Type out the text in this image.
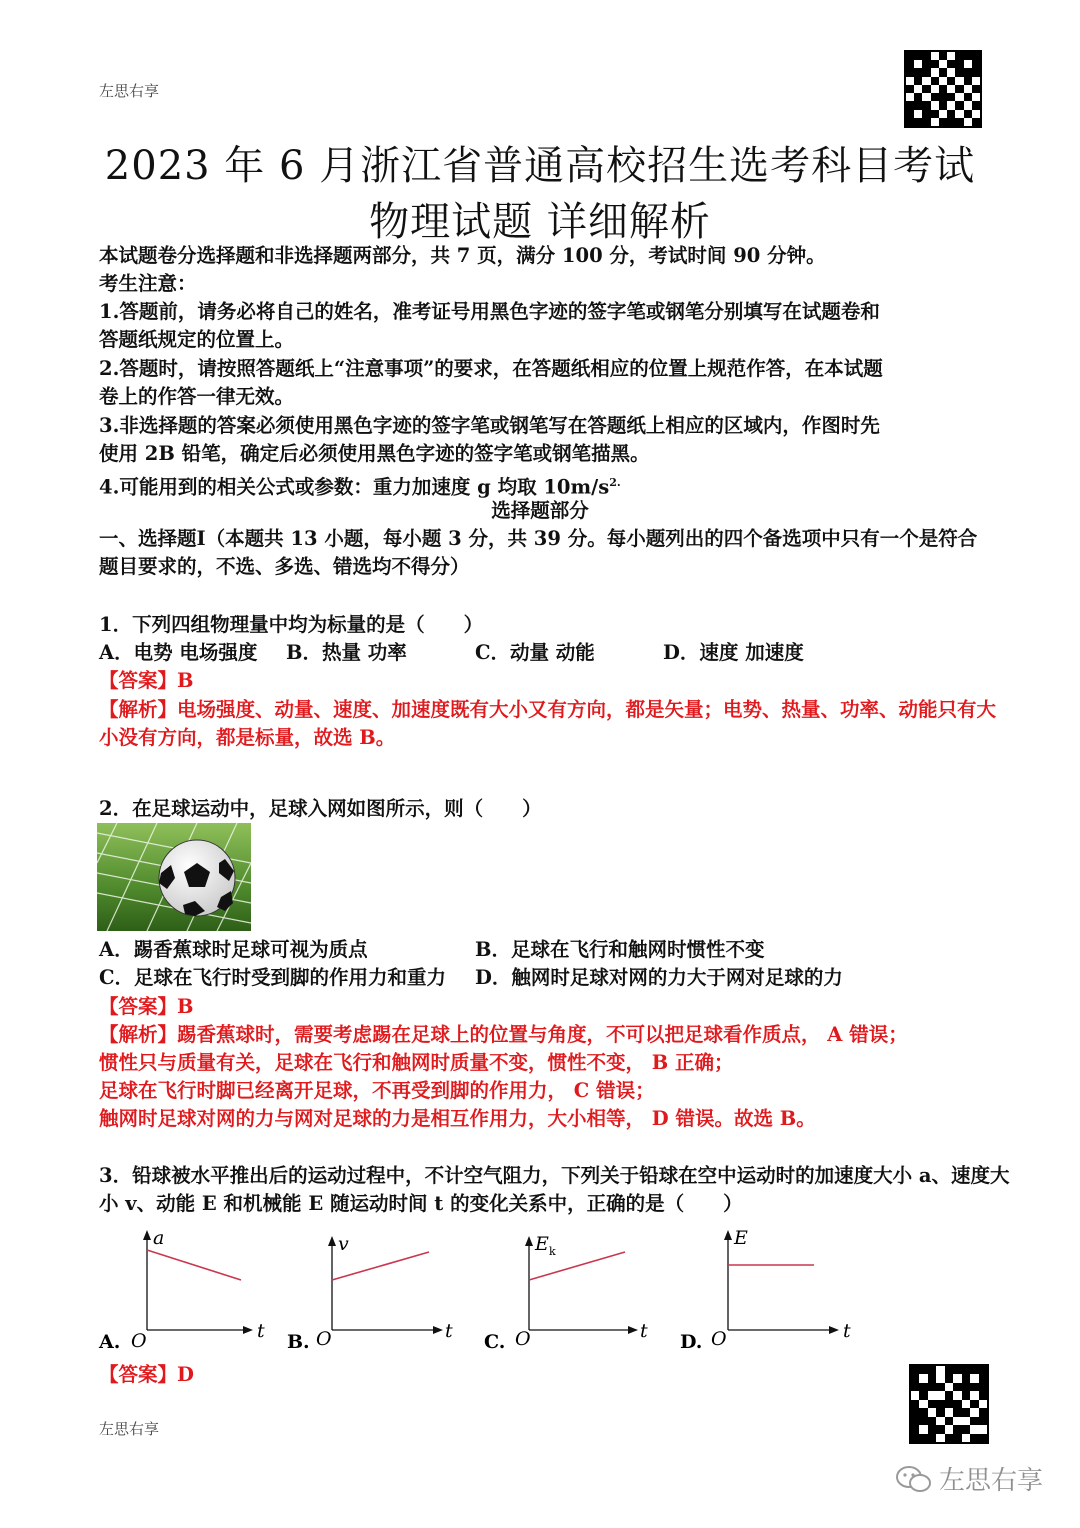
左思右享
2023 年 6 月浙江省普通高校招生选考科目考试
物理试题 详细解析
本试题卷分选择题和非选择题两部分，共 7 页，满分 100 分，考试时间 90 分钟。
考生注意：
1.答题前，请务必将自己的姓名，准考证号用黑色字迹的签字笔或钢笔分别填写在试题卷和
答题纸规定的位置上。
2.答题时，请按照答题纸上“注意事项”的要求，在答题纸相应的位置上规范作答，在本试题
卷上的作答一律无效。
3.非选择题的答案必须使用黑色字迹的签字笔或钢笔写在答题纸上相应的区域内，作图时先
使用 2B 铅笔，确定后必须使用黑色字迹的签字笔或钢笔描黑。
4.可能用到的相关公式或参数：重力加速度 g 均取 $10m/s^{2.}$
选择题部分
一、选择题Ⅰ（本题共 13 小题，每小题 3 分，共 39 分。每小题列出的四个备选项中只有一个是符合
题目要求的，不选、多选、错选均不得分）
1．下列四组物理量中均为标量的是（　　）
A．电势 电场强度 B．热量 功率	C．动量 动能	D．速度 加速度
【答案】B
【解析】电场强度、动量、速度、加速度既有大小又有方向，都是矢量；电势、热量、功率、动能只有大
小没有方向，都是标量，故选 B。
2．在足球运动中，足球入网如图所示，则（　　）
A．踢香蕉球时足球可视为质点	B．足球在飞行和触网时惯性不变
C．足球在飞行时受到脚的作用力和重力 D．触网时足球对网的力大于网对足球的力
【答案】B
【解析】踢香蕉球时，需要考虑踢在足球上的位置与角度，不可以把足球看作质点， A 错误；
惯性只与质量有关，足球在飞行和触网时质量不变，惯性不变， B 正确；
足球在飞行时脚已经离开足球，不再受到脚的作用力， C 错误；
触网时足球对网的力与网对足球的力是相互作用力，大小相等， D 错误。故选 B。
3．铅球被水平推出后的运动过程中，不计空气阻力，下列关于铅球在空中运动时的加速度大小 a、速度大
小 v、动能 E 和机械能 E 随运动时间 t 的变化关系中，正确的是（　　）
A.
a
t
O	B.
v
t
O	C.
E k
t
O	D.
E
t
O
【答案】D
左思右享
左思右享
